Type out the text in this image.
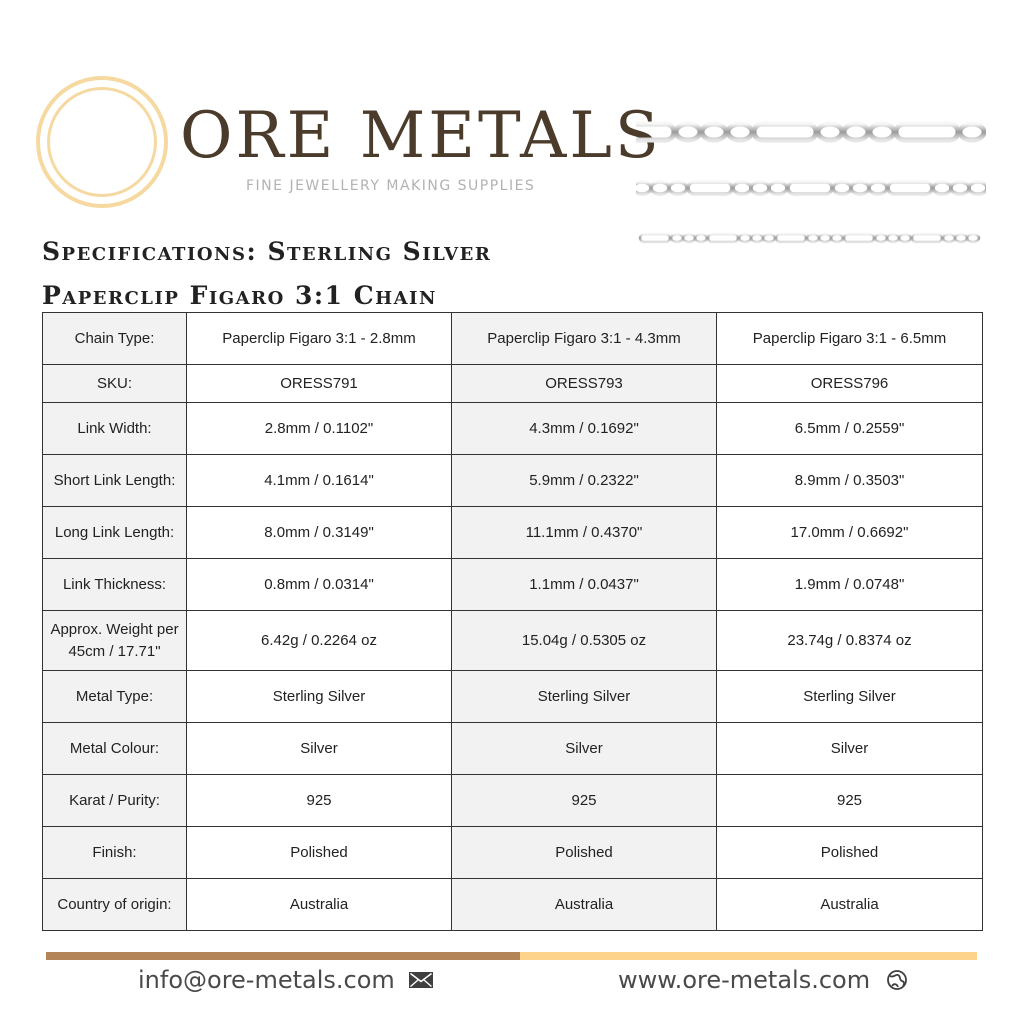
ORE METALS
FINE JEWELLERY MAKING SUPPLIES
Specifications: Sterling Silver
Paperclip Figaro 3:1 Chain
Chain Type:	Paperclip Figaro 3:1 - 2.8mm	Paperclip Figaro 3:1 - 4.3mm	Paperclip Figaro 3:1 - 6.5mm
SKU:	ORESS791	ORESS793	ORESS796
Link Width:	2.8mm / 0.1102"	4.3mm / 0.1692"	6.5mm / 0.2559"
Short Link Length:	4.1mm / 0.1614"	5.9mm / 0.2322"	8.9mm / 0.3503"
Long Link Length:	8.0mm / 0.3149"	11.1mm / 0.4370"	17.0mm / 0.6692"
Link Thickness:	0.8mm / 0.0314"	1.1mm / 0.0437"	1.9mm / 0.0748"
Approx. Weight per 45cm / 17.71"	6.42g / 0.2264 oz	15.04g / 0.5305 oz	23.74g / 0.8374 oz
Metal Type:	Sterling Silver	Sterling Silver	Sterling Silver
Metal Colour:	Silver	Silver	Silver
Karat / Purity:	925	925	925
Finish:	Polished	Polished	Polished
Country of origin:	Australia	Australia	Australia
info@ore-metals.com	www.ore-metals.com
